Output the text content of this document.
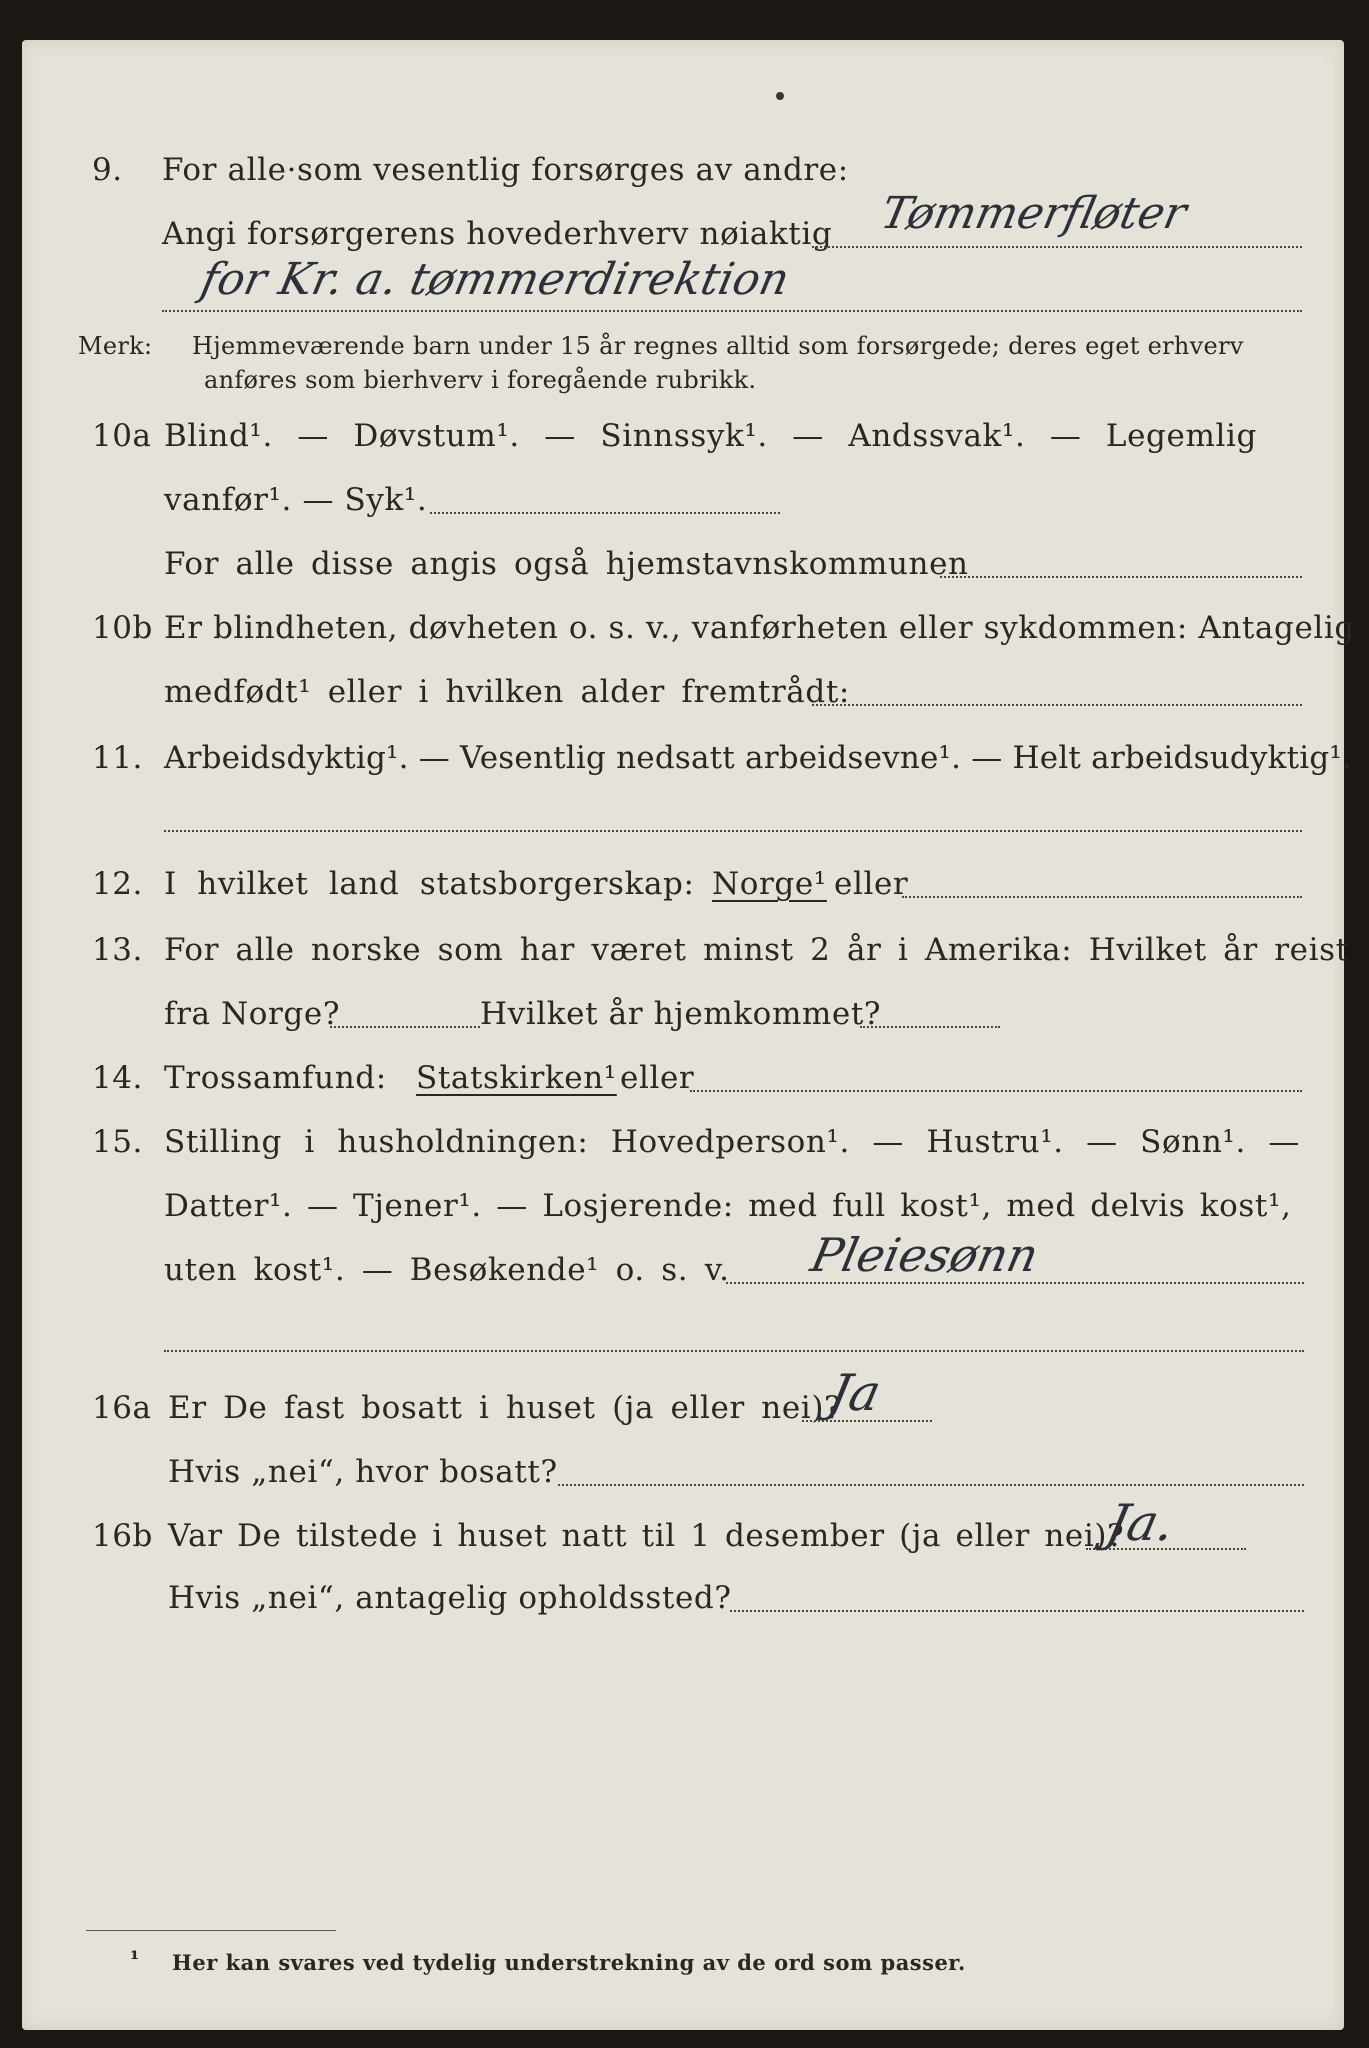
9. For alle·som vesentlig forsørges av andre:
Angi forsørgerens hovederhverv nøiaktig Tømmerfløter
for Kr. a. tømmerdirektion
Merk: Hjemmeværende barn under 15 år regnes alltid som forsørgede; deres eget erhverv
anføres som bierhverv i foregående rubrikk.
10a Blind¹. — Døvstum¹. — Sinnssyk¹. — Andssvak¹. — Legemlig
vanfør¹. — Syk¹.
For alle disse angis også hjemstavnskommunen
10b Er blindheten, døvheten o. s. v., vanførheten eller sykdommen: Antagelig
medfødt¹ eller i hvilken alder fremtrådt:
11. Arbeidsdyktig¹. — Vesentlig nedsatt arbeidsevne¹. — Helt arbeidsudyktig¹.
12. I hvilket land statsborgerskap: Norge¹ eller
13. For alle norske som har været minst 2 år i Amerika: Hvilket år reist
fra Norge?	Hvilket år hjemkommet?
14. Trossamfund: Statskirken¹ eller
15. Stilling i husholdningen: Hovedperson¹. — Hustru¹. — Sønn¹. —
Datter¹. — Tjener¹. — Losjerende: med full kost¹, med delvis kost¹,
uten kost¹. — Besøkende¹ o. s. v. Pleiesønn
16a Er De fast bosatt i huset (ja eller nei)?
Ja
Hvis „nei“, hvor bosatt?
16b Var De tilstede i huset natt til 1 desember (ja eller nei)?
Ja.
Hvis „nei“, antagelig opholdssted?
¹ Her kan svares ved tydelig understrekning av de ord som passer.
